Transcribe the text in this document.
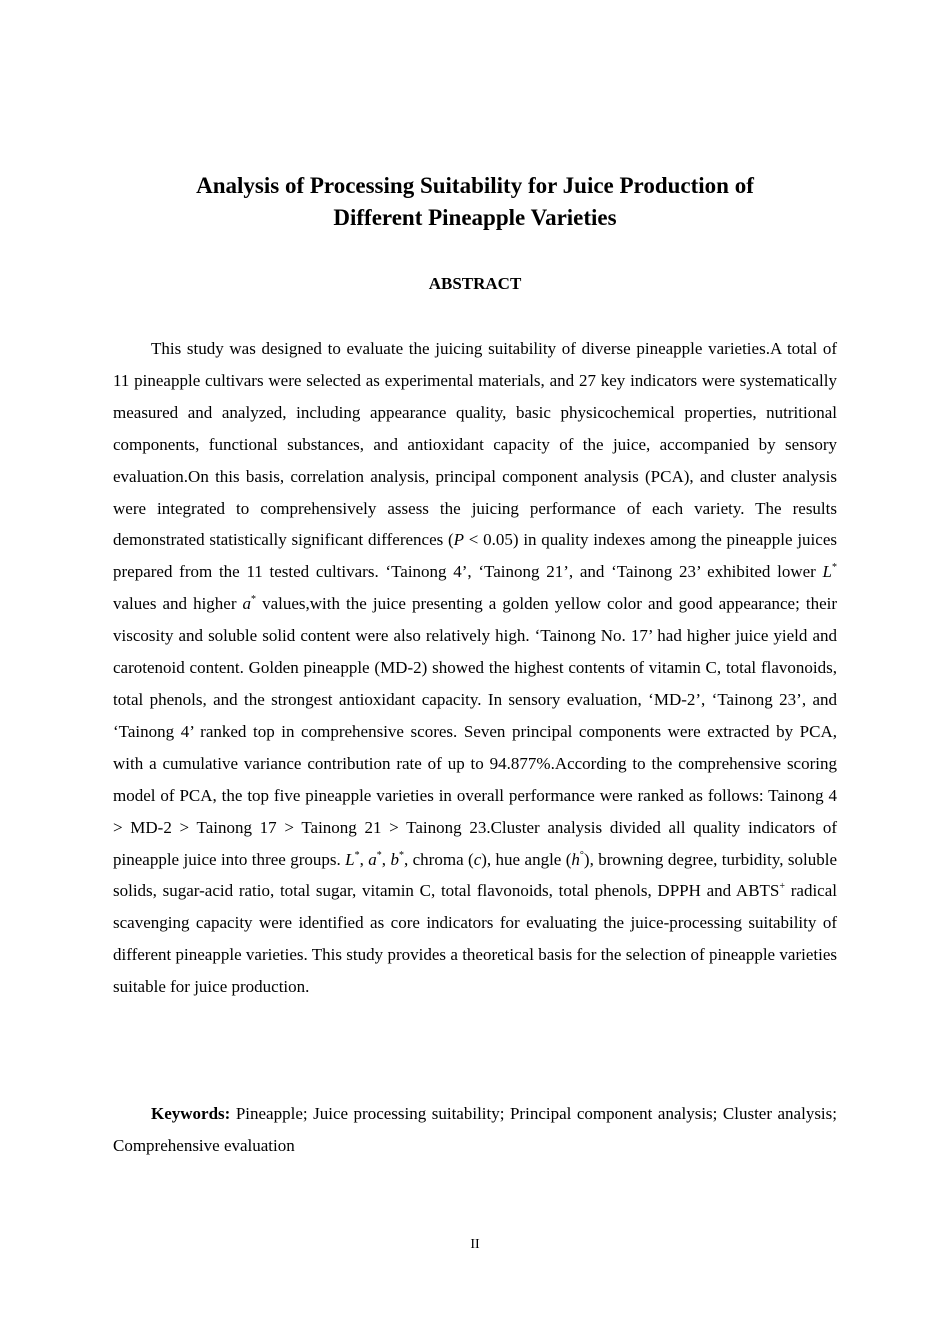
Analysis of Processing Suitability for Juice Production of
Different Pineapple Varieties
ABSTRACT

This study was designed to evaluate the juicing suitability of diverse pineapple varieties.A total of 11 pineapple cultivars were selected as experimental materials, and 27 key indicators were systematically measured and analyzed, including appearance quality, basic physicochemical properties, nutritional components, functional substances, and antioxidant capacity of the juice, accompanied by sensory evaluation.On this basis, correlation analysis, principal component analysis (PCA), and cluster analysis were integrated to comprehensively assess the juicing performance of each variety. The results demonstrated statistically significant differences (P < 0.05) in quality indexes among the pineapple juices prepared from the 11 tested cultivars. ‘Tainong 4’, ‘Tainong 21’, and ‘Tainong 23’ exhibited lower L* values and higher a* values,with the juice presenting a golden yellow color and good appearance; their viscosity and soluble solid content were also relatively high. ‘Tainong No. 17’ had higher juice yield and carotenoid content. Golden pineapple (MD-2) showed the highest contents of vitamin C, total flavonoids, total phenols, and the strongest antioxidant capacity. In sensory evaluation, ‘MD-2’, ‘Tainong 23’, and ‘Tainong 4’ ranked top in comprehensive scores. Seven principal components were extracted by PCA, with a cumulative variance contribution rate of up to 94.877%.According to the comprehensive scoring model of PCA, the top five pineapple varieties in overall performance were ranked as follows: Tainong 4 > MD-2 > Tainong 17 > Tainong 21 > Tainong 23.Cluster analysis divided all quality indicators of pineapple juice into three groups. L*, a*, b*, chroma (c), hue angle (h°), browning degree, turbidity, soluble solids, sugar-acid ratio, total sugar, vitamin C, total flavonoids, total phenols, DPPH and ABTS+ radical scavenging capacity were identified as core indicators for evaluating the juice-processing suitability of different pineapple varieties. This study provides a theoretical basis for the selection of pineapple varieties suitable for juice production.

Keywords: Pineapple; Juice processing suitability; Principal component analysis; Cluster analysis; Comprehensive evaluation

II
